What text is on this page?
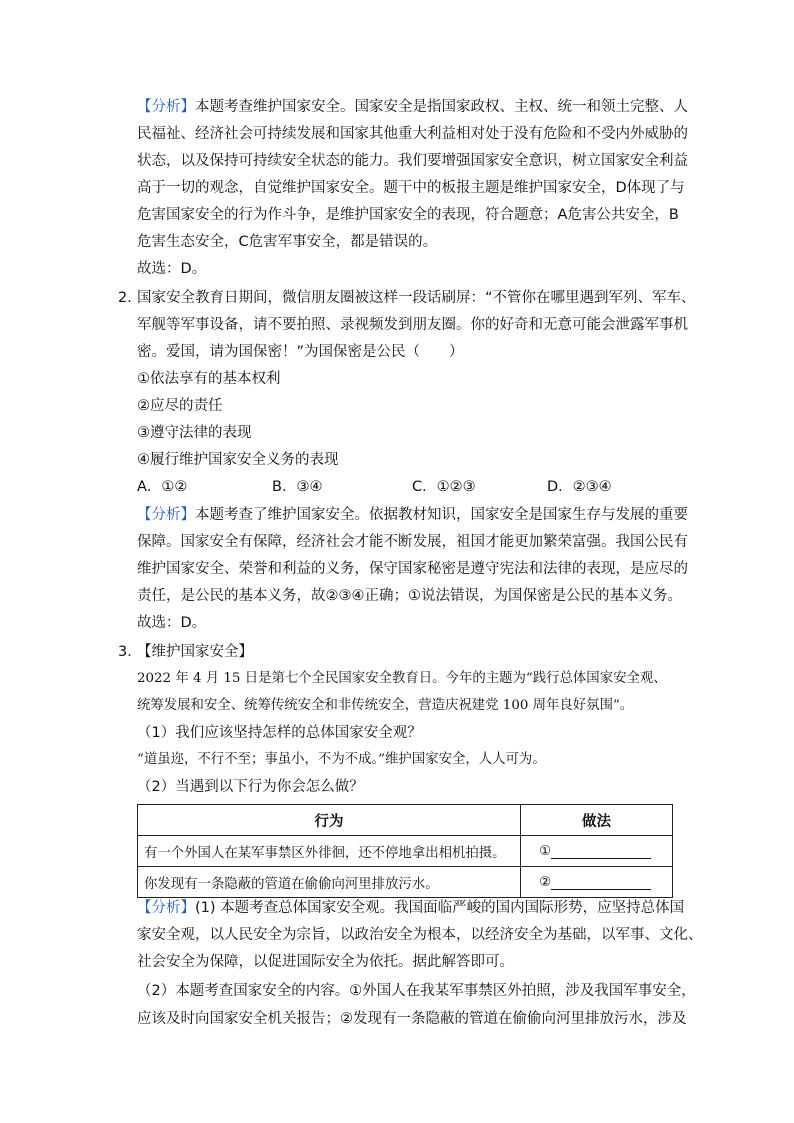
【分析】本题考查维护国家安全。国家安全是指国家政权、主权、统一和领土完整、人
民福祉、经济社会可持续发展和国家其他重大利益相对处于没有危险和不受内外威胁的
状态，以及保持可持续安全状态的能力。我们要增强国家安全意识，树立国家安全利益
高于一切的观念，自觉维护国家安全。题干中的板报主题是维护国家安全，D体现了与
危害国家安全的行为作斗争，是维护国家安全的表现，符合题意；A危害公共安全，B
危害生态安全，C危害军事安全，都是错误的。
故选：D。
2．
国家安全教育日期间，微信朋友圈被这样一段话刷屏：“不管你在哪里遇到军列、军车、
军舰等军事设备，请不要拍照、录视频发到朋友圈。你的好奇和无意可能会泄露军事机
密。爱国，请为国保密！”为国保密是公民（　　）
①依法享有的基本权利
②应尽的责任
③遵守法律的表现
④履行维护国家安全义务的表现
A．①②	B．③④	C．①②③	D．②③④
【分析】本题考查了维护国家安全。依据教材知识，国家安全是国家生存与发展的重要
保障。国家安全有保障，经济社会才能不断发展，祖国才能更加繁荣富强。我国公民有
维护国家安全、荣誉和利益的义务，保守国家秘密是遵守宪法和法律的表现，是应尽的
责任，是公民的基本义务，故②③④正确；①说法错误，为国保密是公民的基本义务。
故选：D。
3．
【维护国家安全】
2022 年 4 月 15 日是第七个全民国家安全教育日。今年的主题为“践行总体国家安全观、
统筹发展和安全、统筹传统安全和非传统安全，营造庆祝建党 100 周年良好氛围”。
（1）我们应该坚持怎样的总体国家安全观？
“道虽迩，不行不至；事虽小，不为不成。”维护国家安全，人人可为。
（2）当遇到以下行为你会怎么做？
行为	做法
有一个外国人在某军事禁区外徘徊，还不停地拿出相机拍摄。	①
你发现有一条隐蔽的管道在偷偷向河里排放污水。	②
【分析】(1) 本题考查总体国家安全观。我国面临严峻的国内国际形势，应坚持总体国
家安全观，以人民安全为宗旨，以政治安全为根本，以经济安全为基础，以军事、文化、
社会安全为保障，以促进国际安全为依托。据此解答即可。
（2）本题考查国家安全的内容。①外国人在我某军事禁区外拍照，涉及我国军事安全，
应该及时向国家安全机关报告；②发现有一条隐蔽的管道在偷偷向河里排放污水，涉及
